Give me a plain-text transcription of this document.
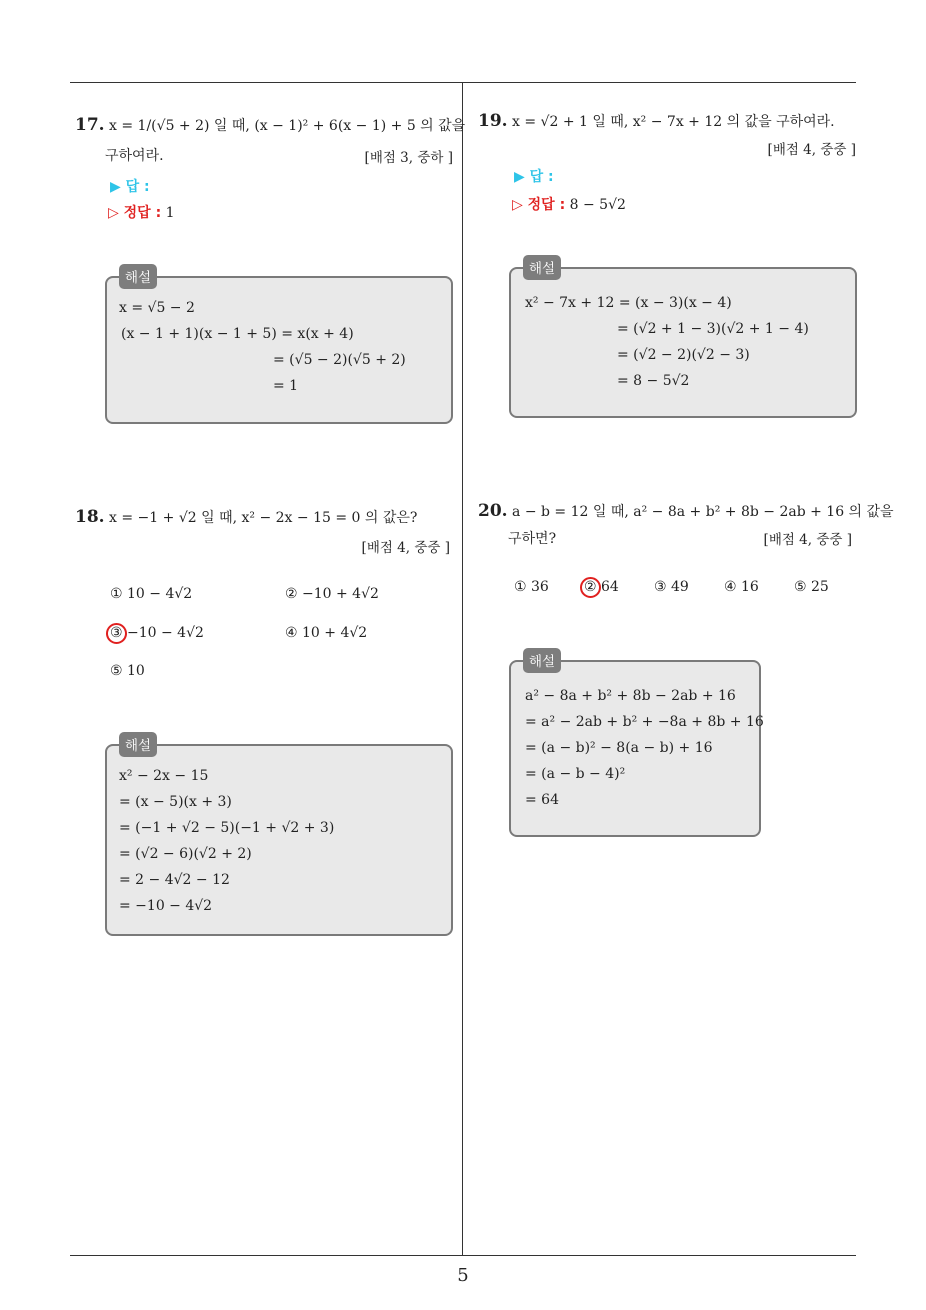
17. x = 1/(√5 + 2) 일 때, (x − 1)² + 6(x − 1) + 5 의 값을
구하여라.	[배점 3, 중하 ]
▶ 답 :
▷ 정답 : 1
해설
x = √5 − 2
(x − 1 + 1)(x − 1 + 5) = x(x + 4)
= (√5 − 2)(√5 + 2)
= 1
18. x = −1 + √2 일 때, x² − 2x − 15 = 0 의 값은?
[배점 4, 중중 ]
① 10 − 4√2	② −10 + 4√2
③ −10 − 4√2	④ 10 + 4√2
⑤ 10
해설
x² − 2x − 15
= (x − 5)(x + 3)
= (−1 + √2 − 5)(−1 + √2 + 3)
= (√2 − 6)(√2 + 2)
= 2 − 4√2 − 12
= −10 − 4√2
19. x = √2 + 1 일 때, x² − 7x + 12 의 값을 구하여라.
[배점 4, 중중 ]
▶ 답 :
▷ 정답 : 8 − 5√2
해설
x² − 7x + 12 = (x − 3)(x − 4)
= (√2 + 1 − 3)(√2 + 1 − 4)
= (√2 − 2)(√2 − 3)
= 8 − 5√2
20. a − b = 12 일 때, a² − 8a + b² + 8b − 2ab + 16 의 값을
구하면?	[배점 4, 중중 ]
① 36	② 64	③ 49	④ 16	⑤ 25
해설
a² − 8a + b² + 8b − 2ab + 16
= a² − 2ab + b² + −8a + 8b + 16
= (a − b)² − 8(a − b) + 16
= (a − b − 4)²
= 64
5
